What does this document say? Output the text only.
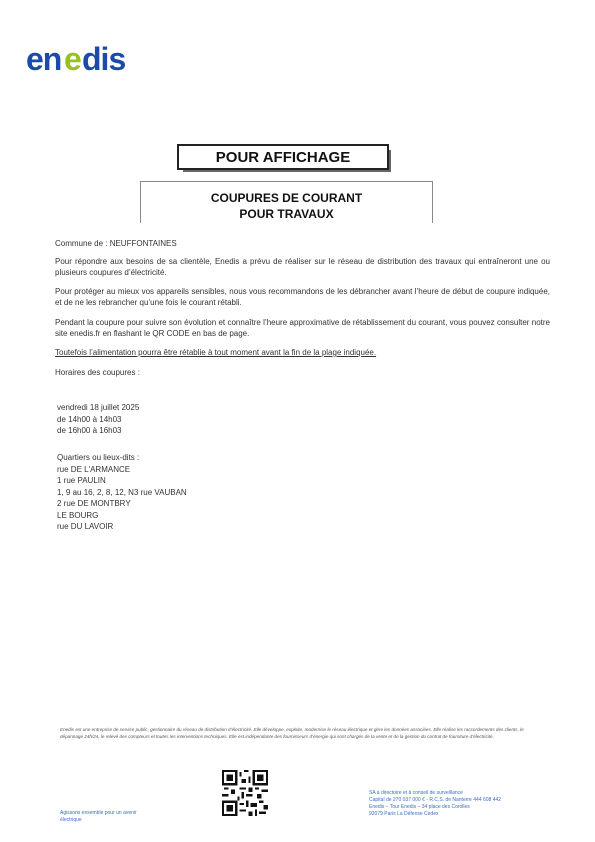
en e dis
POUR AFFICHAGE
COUPURES DE COURANT
POUR TRAVAUX

Commune de : NEUFFONTAINES

Pour répondre aux besoins de sa clientèle, Enedis a prévu de réaliser sur le réseau de distribution des travaux qui entraîneront une ou plusieurs coupures d’électricité.

Pour protéger au mieux vos appareils sensibles, nous vous recommandons de les débrancher avant l’heure de début de coupure indiquée, et de ne les rebrancher qu’une fois le courant rétabli.

Pendant la coupure pour suivre son évolution et connaître l’heure approximative de rétablissement du courant, vous pouvez consulter notre site enedis.fr en flashant le QR CODE en bas de page.

Toutefois l’alimentation pourra être rétablie à tout moment avant la fin de la plage indiquée.

Horaires des coupures :

vendredi 18 juillet 2025
de 14h00 à 14h03
de 16h00 à 16h03
Quartiers ou lieux-dits :
rue DE L'ARMANCE
1 rue PAULIN
1, 9 au 16, 2, 8, 12, N3 rue VAUBAN
2 rue DE MONTBRY
LE BOURG
rue DU LAVOIR
Enedis est une entreprise de service public, gestionnaire du réseau de distribution d’électricité. Elle développe, exploite, modernise le réseau électrique et gère les données associées. Elle réalise les raccordements des clients, le dépannage 24h/24, le relevé des compteurs et toutes les interventions techniques. Elle est indépendante des fournisseurs d’énergie qui sont chargés de la vente et de la gestion du contrat de fourniture d’électricité.
Agissons ensemble pour un avenir
électrique
SA à directoire et à conseil de surveillance
Capital de 270 037 000 € - R.C.S. de Nanterre 444 608 442
Enedis – Tour Enedis – 34 place des Corolles
92079 Paris La Défense Cedex
